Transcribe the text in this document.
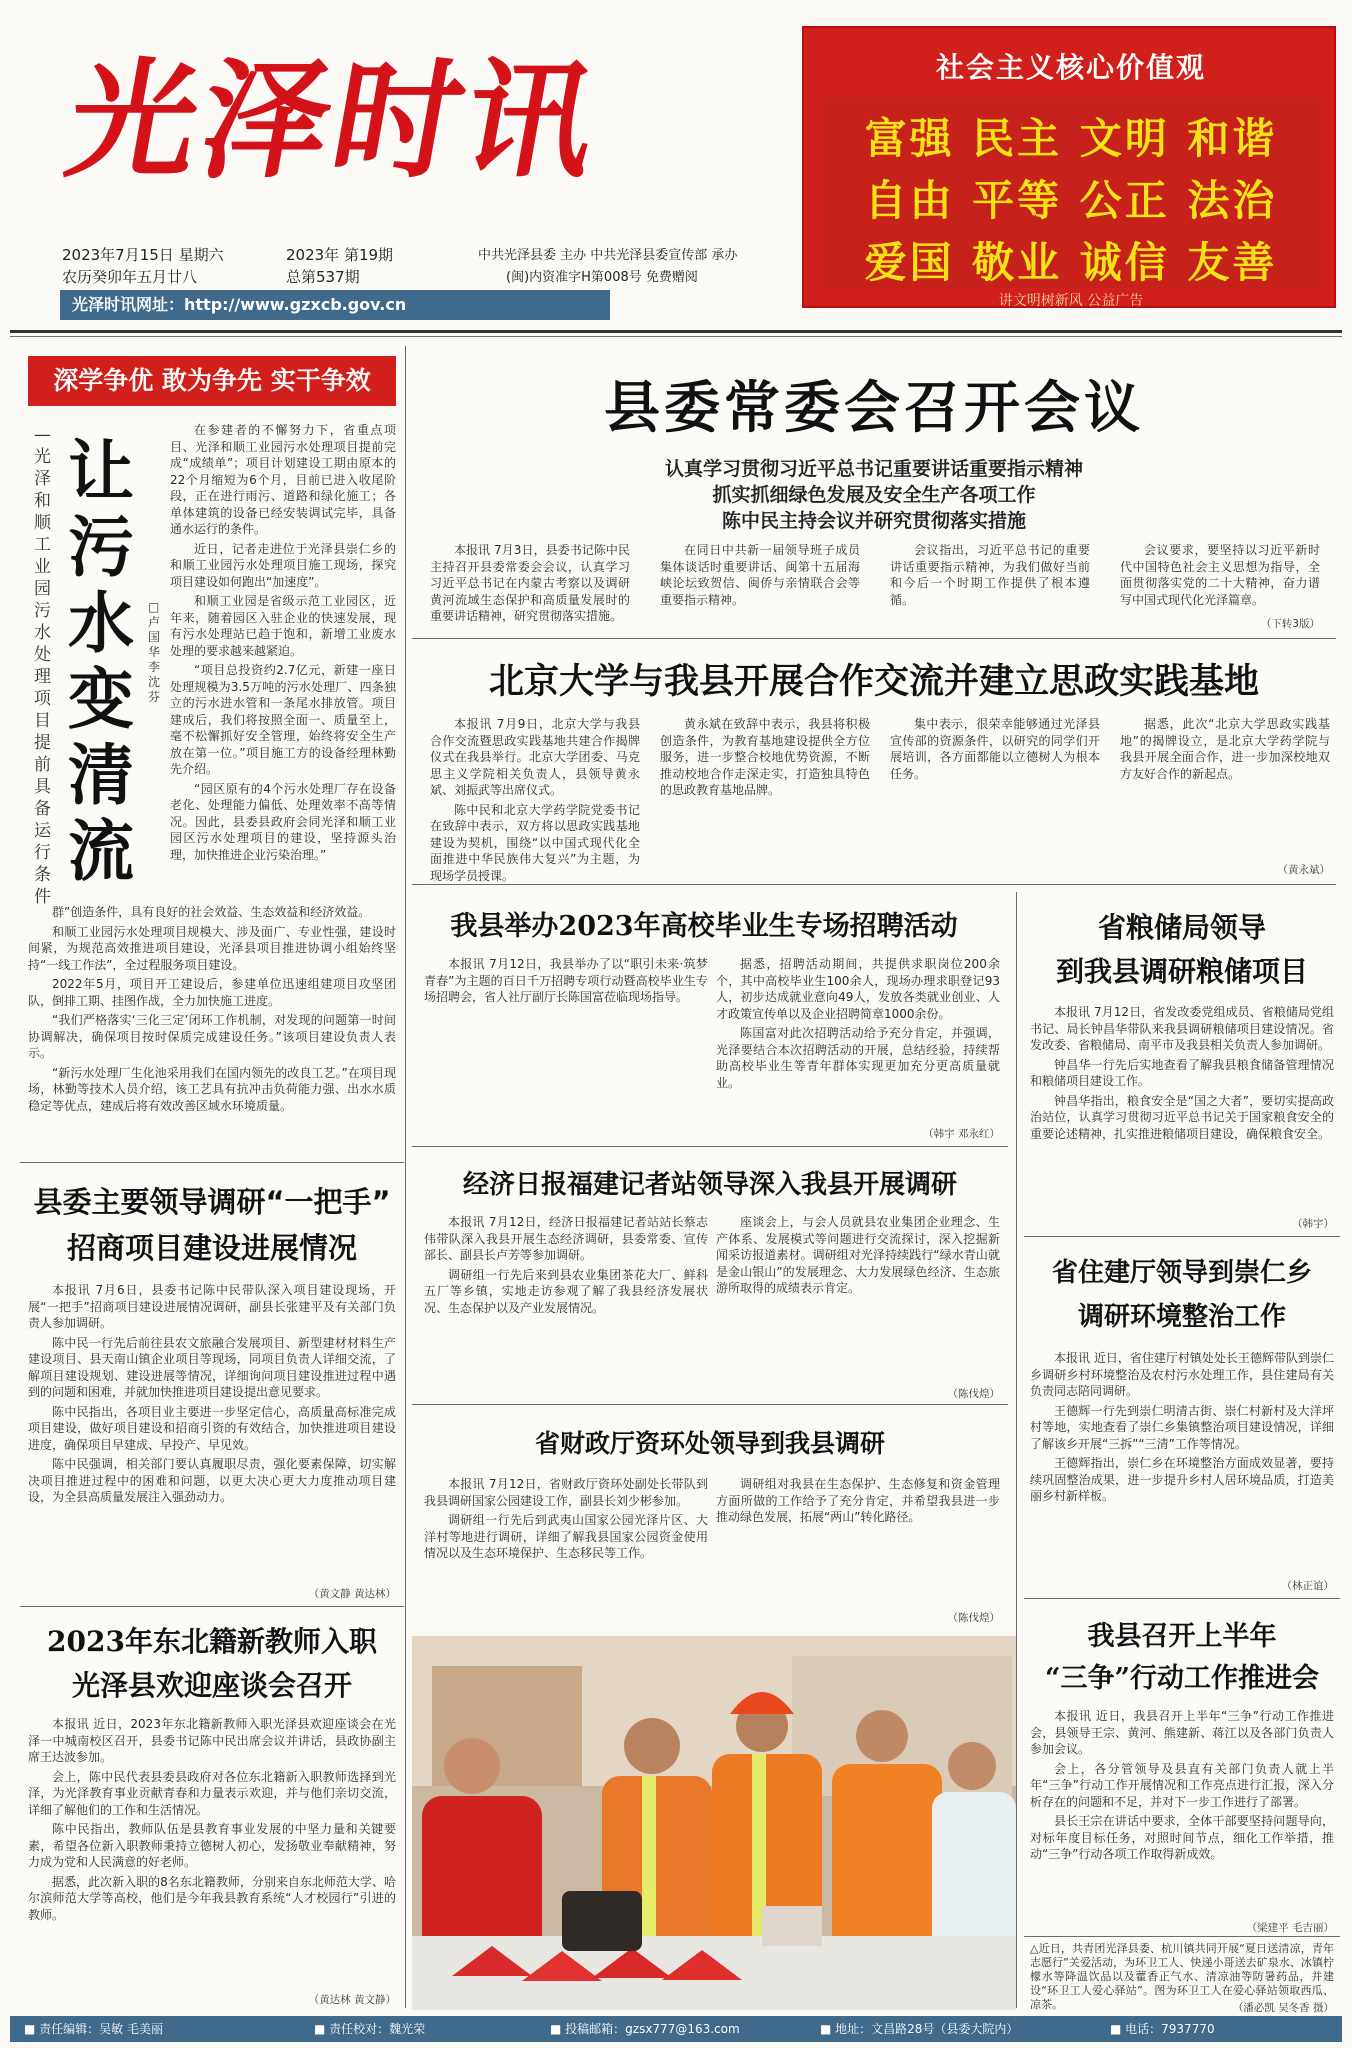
光泽时讯
2023年7月15日 星期六
农历癸卯年五月廿八
2023年 第19期
总第537期
中共光泽县委 主办 中共光泽县委宣传部 承办
(闽)内资准字H第008号 免费赠阅
光泽时讯网址：http://www.gzxcb.gov.cn
社会主义核心价值观
富强 民主 文明 和谐
自由 平等 公正 法治
爱国 敬业 诚信 友善
讲文明树新风 公益广告
深学争优 敢为争先 实干争效
—光泽和顺工业园污水处理项目提前具备运行条件
让污水变清流
□卢国华 李沈芬

在参建者的不懈努力下，省重点项目、光泽和顺工业园污水处理项目提前完成“成绩单”；项目计划建设工期由原本的22个月缩短为6个月，目前已进入收尾阶段，正在进行雨污、道路和绿化施工；各单体建筑的设备已经安装调试完毕，具备通水运行的条件。

近日，记者走进位于光泽县崇仁乡的和顺工业园污水处理项目施工现场，探究项目建设如何跑出“加速度”。

和顺工业园是省级示范工业园区，近年来，随着园区入驻企业的快速发展，现有污水处理站已趋于饱和，新增工业废水处理的要求越来越紧迫。

“项目总投资约2.7亿元，新建一座日处理规模为3.5万吨的污水处理厂、四条独立的污水进水管和一条尾水排放管。项目建成后，我们将按照全面一、质量至上，毫不松懈抓好安全管理，始终将安全生产放在第一位。”项目施工方的设备经理林勤先介绍。

“园区原有的4个污水处理厂存在设备老化、处理能力偏低、处理效率不高等情况。因此，县委县政府会同光泽和顺工业园区污水处理项目的建设，坚持源头治理，加快推进企业污染治理。”

群”创造条件，具有良好的社会效益、生态效益和经济效益。

和顺工业园污水处理项目规模大、涉及面广、专业性强，建设时间紧，为规范高效推进项目建设，光泽县项目推进协调小组始终坚持“一线工作法”，全过程服务项目建设。

2022年5月，项目开工建设后，参建单位迅速组建项目攻坚团队，倒排工期、挂图作战，全力加快施工进度。

“我们严格落实‘三化三定’闭环工作机制，对发现的问题第一时间协调解决，确保项目按时保质完成建设任务。”该项目建设负责人表示。

“新污水处理厂生化池采用我们在国内领先的改良工艺。”在项目现场，林勤等技术人员介绍，该工艺具有抗冲击负荷能力强、出水水质稳定等优点，建成后将有效改善区域水环境质量。

县委主要领导调研“一把手”
招商项目建设进展情况

本报讯 7月6日，县委书记陈中民带队深入项目建设现场，开展“一把手”招商项目建设进展情况调研，副县长张建平及有关部门负责人参加调研。

陈中民一行先后前往县农文旅融合发展项目、新型建材材料生产建设项目、县天南山镇企业项目等现场，同项目负责人详细交流，了解项目建设规划、建设进展等情况，详细询问项目建设推进过程中遇到的问题和困难，并就加快推进项目建设提出意见要求。

陈中民指出，各项目业主要进一步坚定信心，高质量高标准完成项目建设，做好项目建设和招商引资的有效结合，加快推进项目建设进度，确保项目早建成、早投产、早见效。

陈中民强调，相关部门要认真履职尽责，强化要素保障，切实解决项目推进过程中的困难和问题，以更大决心更大力度推动项目建设，为全县高质量发展注入强劲动力。

（黄文静 黄达林）
2023年东北籍新教师入职
光泽县欢迎座谈会召开

本报讯 近日，2023年东北籍新教师入职光泽县欢迎座谈会在光泽一中城南校区召开，县委书记陈中民出席会议并讲话，县政协副主席王达波参加。

会上，陈中民代表县委县政府对各位东北籍新入职教师选择到光泽，为光泽教育事业贡献青春和力量表示欢迎，并与他们亲切交流，详细了解他们的工作和生活情况。

陈中民指出，教师队伍是县教育事业发展的中坚力量和关键要素，希望各位新入职教师秉持立德树人初心，发扬敬业奉献精神，努力成为党和人民满意的好老师。

据悉，此次新入职的8名东北籍教师，分别来自东北师范大学、哈尔滨师范大学等高校，他们是今年我县教育系统“人才校园行”引进的教师。

（黄达林 黄文静）
县委常委会召开会议
认真学习贯彻习近平总书记重要讲话重要指示精神
抓实抓细绿色发展及安全生产各项工作
陈中民主持会议并研究贯彻落实措施

本报讯 7月3日，县委书记陈中民主持召开县委常委会会议，认真学习习近平总书记在内蒙古考察以及调研黄河流域生态保护和高质量发展时的重要讲话精神，研究贯彻落实措施。

在同日中共新一届领导班子成员集体谈话时重要讲话、闽第十五届海峡论坛致贺信、闽侨与亲情联合会等重要指示精神。

会议指出，习近平总书记的重要讲话重要指示精神，为我们做好当前和今后一个时期工作提供了根本遵循。

会议要求，要坚持以习近平新时代中国特色社会主义思想为指导，全面贯彻落实党的二十大精神，奋力谱写中国式现代化光泽篇章。

（下转3版）
北京大学与我县开展合作交流并建立思政实践基地

本报讯 7月9日，北京大学与我县合作交流暨思政实践基地共建合作揭牌仪式在我县举行。北京大学团委、马克思主义学院相关负责人，县领导黄永斌、刘振武等出席仪式。

陈中民和北京大学药学院党委书记在致辞中表示，双方将以思政实践基地建设为契机，围绕“以中国式现代化全面推进中华民族伟大复兴”为主题，为现场学员授课。

黄永斌在致辞中表示，我县将积极创造条件，为教育基地建设提供全方位服务，进一步整合校地优势资源，不断推动校地合作走深走实，打造独具特色的思政教育基地品牌。

集中表示，很荣幸能够通过光泽县宣传部的资源条件，以研究的同学们开展培训，各方面都能以立德树人为根本任务。

据悉，此次“北京大学思政实践基地”的揭牌设立，是北京大学药学院与我县开展全面合作，进一步加深校地双方友好合作的新起点。

（黄永斌）
我县举办2023年高校毕业生专场招聘活动

本报讯 7月12日，我县举办了以“职引未来·筑梦青春”为主题的百日千万招聘专项行动暨高校毕业生专场招聘会，省人社厅副厅长陈国富莅临现场指导。

据悉，招聘活动期间，共提供求职岗位200余个，其中高校毕业生100余人，现场办理求职登记93人，初步达成就业意向49人，发放各类就业创业、人才政策宣传单以及企业招聘简章1000余份。

陈国富对此次招聘活动给予充分肯定，并强调，光泽要结合本次招聘活动的开展，总结经验，持续帮助高校毕业生等青年群体实现更加充分更高质量就业。

（韩宇 邓永红）
经济日报福建记者站领导深入我县开展调研

本报讯 7月12日，经济日报福建记者站站长蔡志伟带队深入我县开展生态经济调研，县委常委、宣传部长、副县长卢芳等参加调研。

调研组一行先后来到县农业集团茶花大厂、鲜科五厂等乡镇，实地走访参观了解了我县经济发展状况、生态保护以及产业发展情况。

座谈会上，与会人员就县农业集团企业理念、生产体系、发展模式等问题进行交流探讨，深入挖掘新闻采访报道素材。调研组对光泽持续践行“绿水青山就是金山银山”的发展理念、大力发展绿色经济、生态旅游所取得的成绩表示肯定。

（陈伐煌）
省财政厅资环处领导到我县调研

本报讯 7月12日，省财政厅资环处副处长带队到我县调研国家公园建设工作，副县长刘少彬参加。

调研组一行先后到武夷山国家公园光泽片区、大洋村等地进行调研，详细了解我县国家公园资金使用情况以及生态环境保护、生态移民等工作。

调研组对我县在生态保护、生态修复和资金管理方面所做的工作给予了充分肯定，并希望我县进一步推动绿色发展，拓展“两山”转化路径。

（陈伐煌）
省粮储局领导
到我县调研粮储项目

本报讯 7月12日，省发改委党组成员、省粮储局党组书记、局长钟昌华带队来我县调研粮储项目建设情况。省发改委、省粮储局、南平市及我县相关负责人参加调研。

钟昌华一行先后实地查看了解我县粮食储备管理情况和粮储项目建设工作。

钟昌华指出，粮食安全是“国之大者”，要切实提高政治站位，认真学习贯彻习近平总书记关于国家粮食安全的重要论述精神，扎实推进粮储项目建设，确保粮食安全。

（韩宇）
省住建厅领导到崇仁乡
调研环境整治工作

本报讯 近日，省住建厅村镇处处长王德辉带队到崇仁乡调研乡村环境整治及农村污水处理工作，县住建局有关负责同志陪同调研。

王德辉一行先到崇仁明清古街、崇仁村新村及大洋坪村等地，实地查看了崇仁乡集镇整治项目建设情况，详细了解该乡开展“三拆”“三清”工作等情况。

王德辉指出，崇仁乡在环境整治方面成效显著，要持续巩固整治成果，进一步提升乡村人居环境品质，打造美丽乡村新样板。

（林正谊）
我县召开上半年
“三争”行动工作推进会

本报讯 近日，我县召开上半年“三争”行动工作推进会，县领导王宗、黄河、熊建新、蒋江以及各部门负责人参加会议。

会上，各分管领导及县直有关部门负责人就上半年“三争”行动工作开展情况和工作亮点进行汇报，深入分析存在的问题和不足，并对下一步工作进行了部署。

县长王宗在讲话中要求，全体干部要坚持问题导向，对标年度目标任务，对照时间节点，细化工作举措，推动“三争”行动各项工作取得新成效。

（梁建平 毛吉丽）

△近日，共青团光泽县委、杭川镇共同开展“夏日送清凉，青年志愿行”关爱活动，为环卫工人、快递小哥送去矿泉水、冰镇柠檬水等降温饮品以及藿香正气水、清凉油等防暑药品，并建设“环卫工人爱心驿站”。图为环卫工人在爱心驿站领取西瓜、凉茶。	（潘必凯 吴冬香 摄）
■ 责任编辑：吴敏 毛美丽	■ 责任校对：魏光荣	■ 投稿邮箱：gzsx777@163.com	■ 地址：文昌路28号（县委大院内）	■ 电话：7937770
